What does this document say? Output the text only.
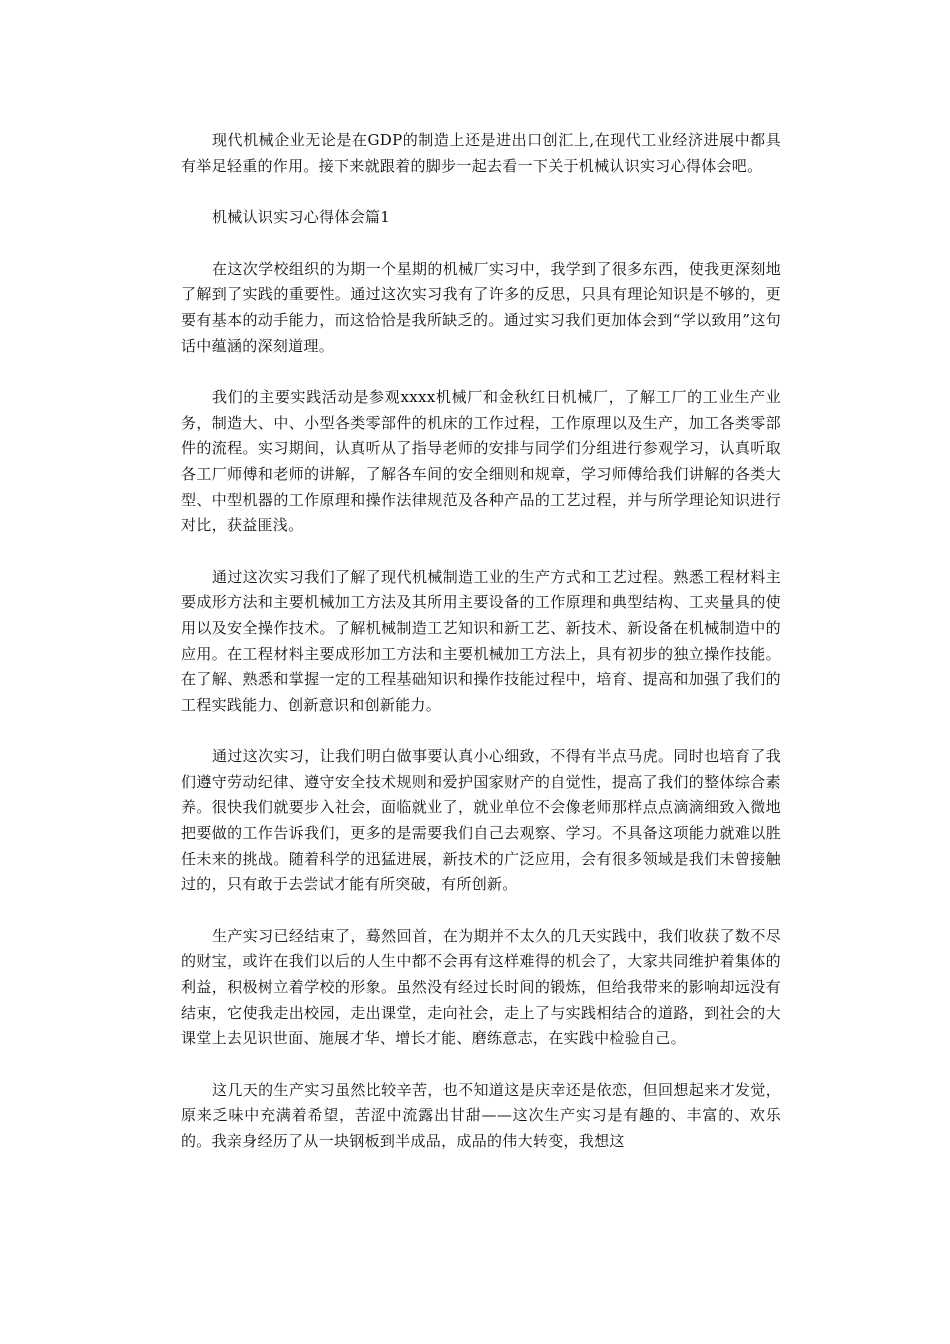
现代机械企业无论是在GDP的制造上还是进出口创汇上,在现代工业经济进展中都具有举足轻重的作用。接下来就跟着的脚步一起去看一下关于机械认识实习心得体会吧。

机械认识实习心得体会篇1

在这次学校组织的为期一个星期的机械厂实习中，我学到了很多东西，使我更深刻地了解到了实践的重要性。通过这次实习我有了许多的反思，只具有理论知识是不够的，更要有基本的动手能力，而这恰恰是我所缺乏的。通过实习我们更加体会到“学以致用”这句话中蕴涵的深刻道理。

我们的主要实践活动是参观xxxx机械厂和金秋红日机械厂，了解工厂的工业生产业务，制造大、中、小型各类零部件的机床的工作过程，工作原理以及生产，加工各类零部件的流程。实习期间，认真听从了指导老师的安排与同学们分组进行参观学习，认真听取各工厂师傅和老师的讲解，了解各车间的安全细则和规章，学习师傅给我们讲解的各类大型、中型机器的工作原理和操作法律规范及各种产品的工艺过程，并与所学理论知识进行对比，获益匪浅。

通过这次实习我们了解了现代机械制造工业的生产方式和工艺过程。熟悉工程材料主要成形方法和主要机械加工方法及其所用主要设备的工作原理和典型结构、工夹量具的使用以及安全操作技术。了解机械制造工艺知识和新工艺、新技术、新设备在机械制造中的应用。在工程材料主要成形加工方法和主要机械加工方法上，具有初步的独立操作技能。在了解、熟悉和掌握一定的工程基础知识和操作技能过程中，培育、提高和加强了我们的工程实践能力、创新意识和创新能力。

通过这次实习，让我们明白做事要认真小心细致，不得有半点马虎。同时也培育了我们遵守劳动纪律、遵守安全技术规则和爱护国家财产的自觉性，提高了我们的整体综合素养。很快我们就要步入社会，面临就业了，就业单位不会像老师那样点点滴滴细致入微地把要做的工作告诉我们，更多的是需要我们自己去观察、学习。不具备这项能力就难以胜任未来的挑战。随着科学的迅猛进展，新技术的广泛应用，会有很多领域是我们未曾接触过的，只有敢于去尝试才能有所突破，有所创新。

生产实习已经结束了，蓦然回首，在为期并不太久的几天实践中，我们收获了数不尽的财宝，或许在我们以后的人生中都不会再有这样难得的机会了，大家共同维护着集体的利益，积极树立着学校的形象。虽然没有经过长时间的锻炼，但给我带来的影响却远没有结束，它使我走出校园，走出课堂，走向社会，走上了与实践相结合的道路，到社会的大课堂上去见识世面、施展才华、增长才能、磨练意志，在实践中检验自己。

这几天的生产实习虽然比较辛苦，也不知道这是庆幸还是依恋，但回想起来才发觉，原来乏味中充满着希望，苦涩中流露出甘甜——这次生产实习是有趣的、丰富的、欢乐的。我亲身经历了从一块钢板到半成品，成品的伟大转变，我想这
